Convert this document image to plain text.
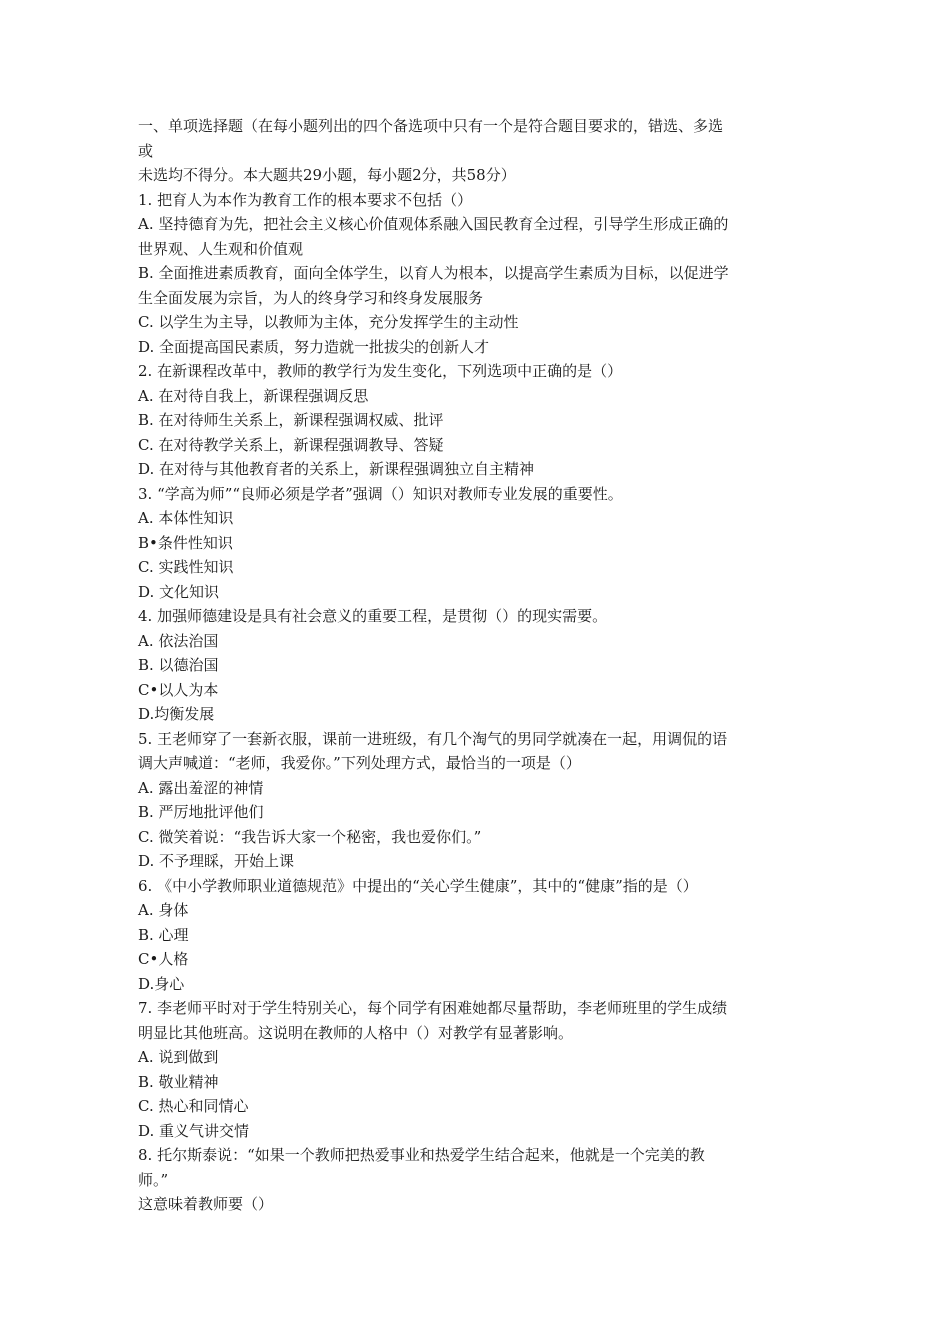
一、单项选择题（在每小题列出的四个备选项中只有一个是符合题目要求的，错选、多选
或
未选均不得分。本大题共29小题，每小题2分，共58分）
1. 把育人为本作为教育工作的根本要求不包括（）
A. 坚持德育为先，把社会主义核心价值观体系融入国民教育全过程，引导学生形成正确的
世界观、人生观和价值观
B. 全面推进素质教育，面向全体学生，以育人为根本，以提高学生素质为目标，以促进学
生全面发展为宗旨，为人的终身学习和终身发展服务
C. 以学生为主导，以教师为主体，充分发挥学生的主动性
D. 全面提高国民素质，努力造就一批拔尖的创新人才
2. 在新课程改革中，教师的教学行为发生变化，下列选项中正确的是（）
A. 在对待自我上，新课程强调反思
B. 在对待师生关系上，新课程强调权威、批评
C. 在对待教学关系上，新课程强调教导、答疑
D. 在对待与其他教育者的关系上，新课程强调独立自主精神
3. “学高为师”“良师必须是学者”强调（）知识对教师专业发展的重要性。
A. 本体性知识
B•条件性知识
C. 实践性知识
D. 文化知识
4. 加强师德建设是具有社会意义的重要工程，是贯彻（）的现实需要。
A. 依法治国
B. 以德治国
C•以人为本
D.均衡发展
5. 王老师穿了一套新衣服，课前一进班级，有几个淘气的男同学就凑在一起，用调侃的语
调大声喊道：“老师，我爱你。”下列处理方式，最恰当的一项是（）
A. 露出羞涩的神情
B. 严厉地批评他们
C. 微笑着说：“我告诉大家一个秘密，我也爱你们。”
D. 不予理睬，开始上课
6. 《中小学教师职业道德规范》中提出的“关心学生健康”，其中的“健康”指的是（）
A. 身体
B. 心理
C•人格
D.身心
7. 李老师平时对于学生特别关心，每个同学有困难她都尽量帮助，李老师班里的学生成绩
明显比其他班高。这说明在教师的人格中（）对教学有显著影响。
A. 说到做到
B. 敬业精神
C. 热心和同情心
D. 重义气讲交情
8. 托尔斯泰说：“如果一个教师把热爱事业和热爱学生结合起来，他就是一个完美的教
师。”
这意味着教师要（）
